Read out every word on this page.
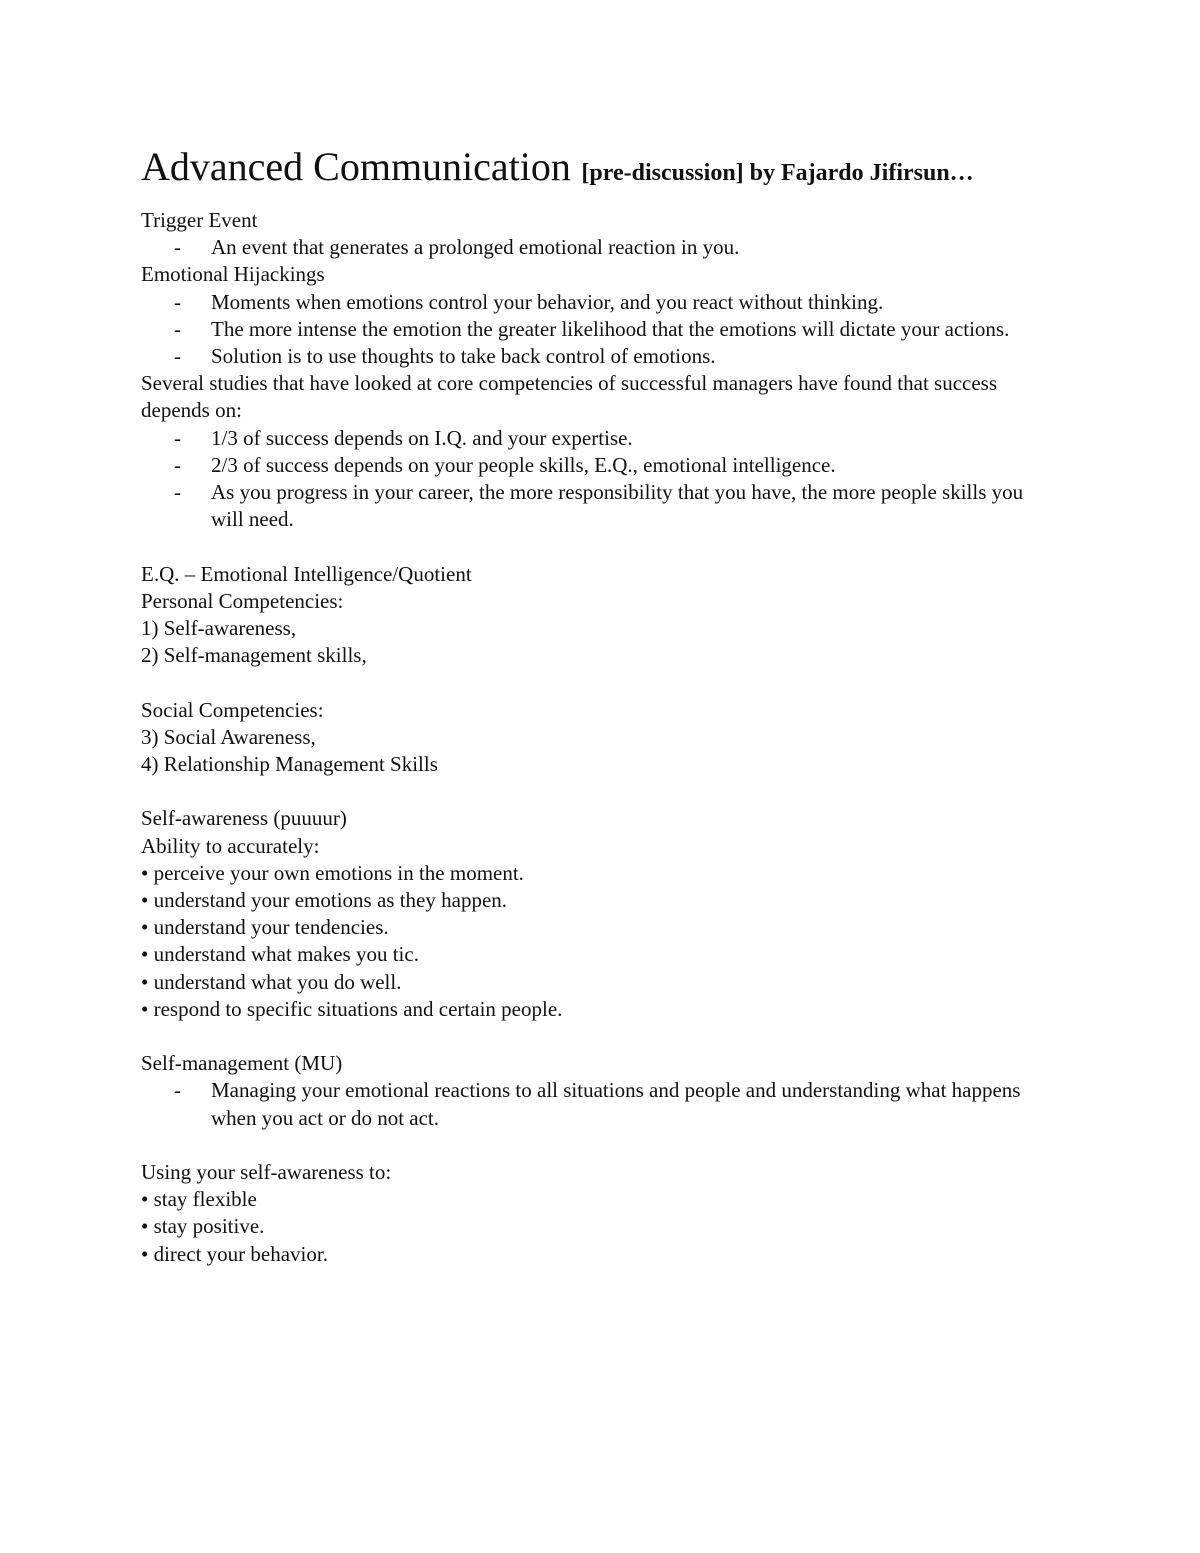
Advanced Communication [pre-discussion] by Fajardo Jifirsun…

Trigger Event

- An event that generates a prolonged emotional reaction in you.

Emotional Hijackings

- Moments when emotions control your behavior, and you react without thinking.
- The more intense the emotion the greater likelihood that the emotions will dictate your actions.
- Solution is to use thoughts to take back control of emotions.

Several studies that have looked at core competencies of successful managers have found that success depends on:

- 1/3 of success depends on I.Q. and your expertise.
- 2/3 of success depends on your people skills, E.Q., emotional intelligence.
- As you progress in your career, the more responsibility that you have, the more people skills you will need.

E.Q. – Emotional Intelligence/Quotient

Personal Competencies:

1) Self-awareness,

2) Self-management skills,

Social Competencies:

3) Social Awareness,

4) Relationship Management Skills

Self-awareness (puuuur)

Ability to accurately:

• perceive your own emotions in the moment.
• understand your emotions as they happen.
• understand your tendencies.
• understand what makes you tic.
• understand what you do well.
• respond to specific situations and certain people.

Self-management (MU)

- Managing your emotional reactions to all situations and people and understanding what happens when you act or do not act.

Using your self-awareness to:

• stay flexible
• stay positive.
• direct your behavior.
